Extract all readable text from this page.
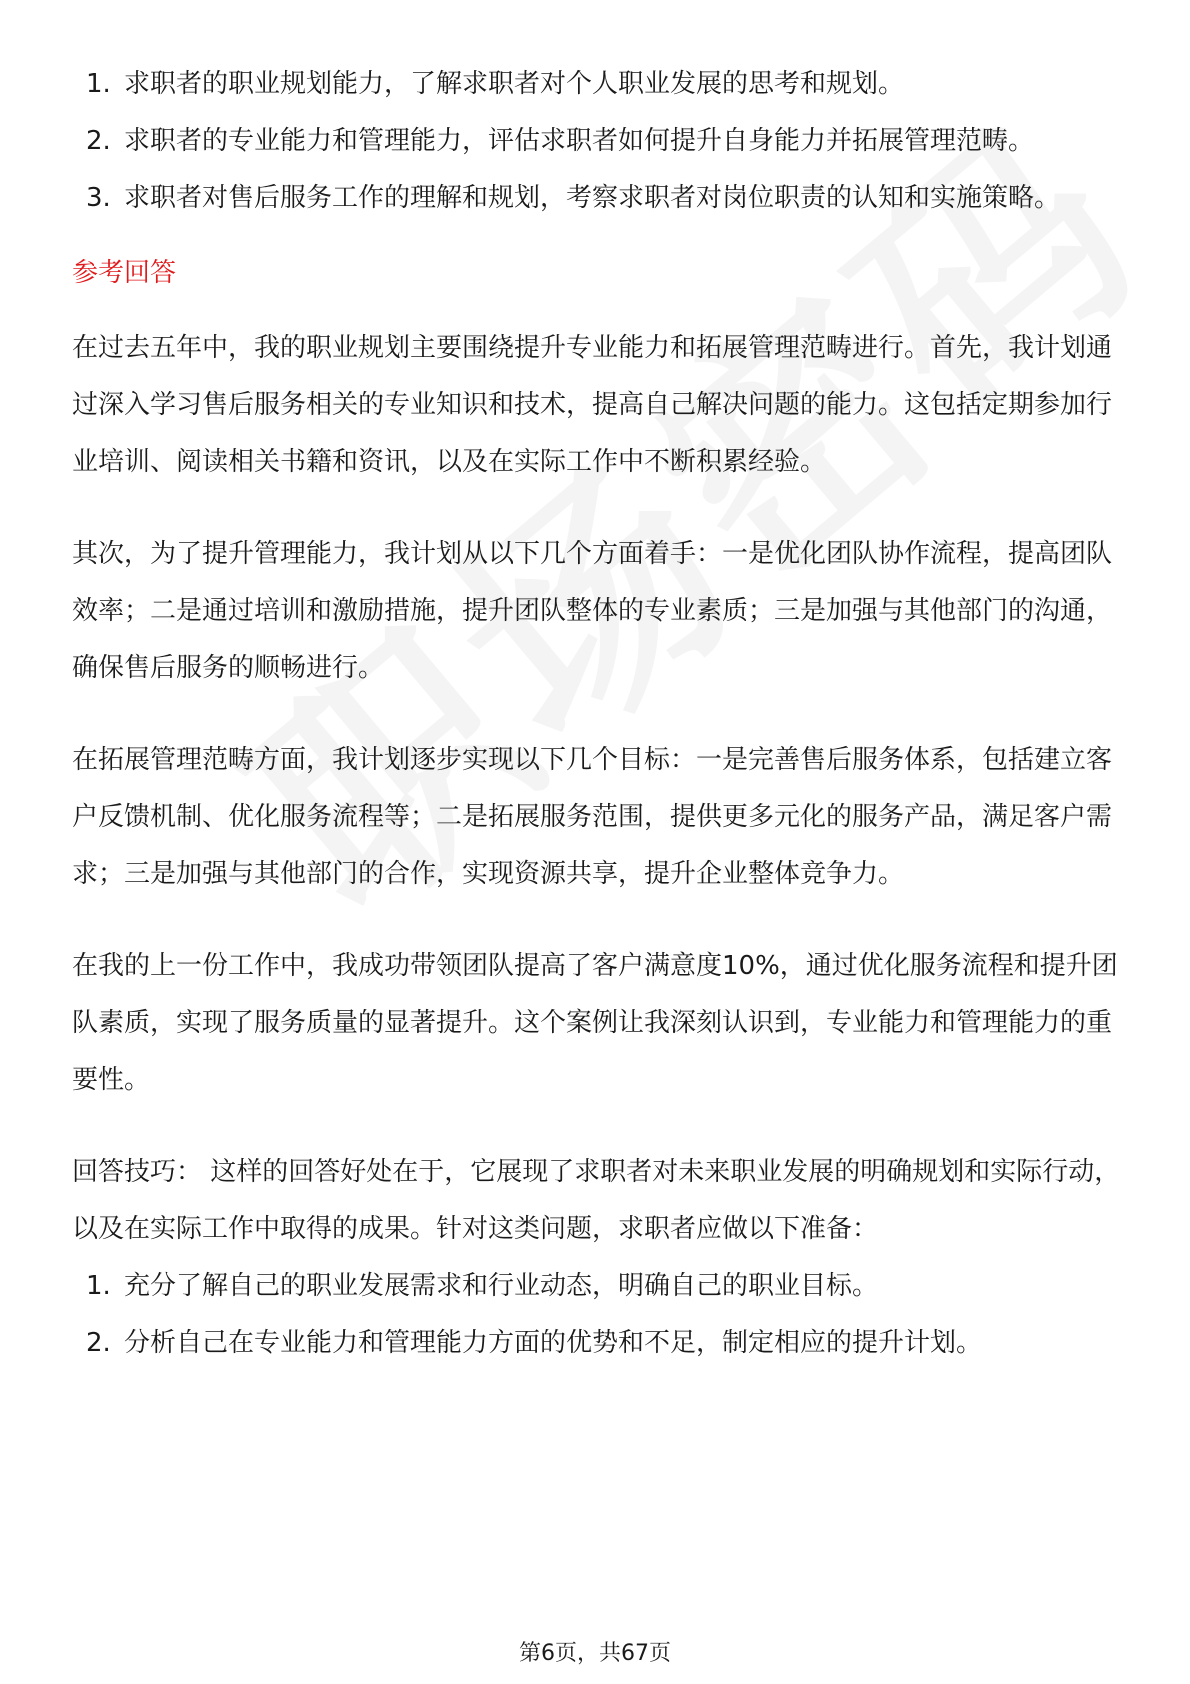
1. 求职者的职业规划能力，了解求职者对个人职业发展的思考和规划。
2. 求职者的专业能力和管理能力，评估求职者如何提升自身能力并拓展管理范畴。
3. 求职者对售后服务工作的理解和规划，考察求职者对岗位职责的认知和实施策略。
参考回答

在过去五年中，我的职业规划主要围绕提升专业能力和拓展管理范畴进行。首先，我计划通过深入学习售后服务相关的专业知识和技术，提高自己解决问题的能力。这包括定期参加行业培训、阅读相关书籍和资讯，以及在实际工作中不断积累经验。

其次，为了提升管理能力，我计划从以下几个方面着手：一是优化团队协作流程，提高团队效率；二是通过培训和激励措施，提升团队整体的专业素质；三是加强与其他部门的沟通，确保售后服务的顺畅进行。

在拓展管理范畴方面，我计划逐步实现以下几个目标：一是完善售后服务体系，包括建立客户反馈机制、优化服务流程等；二是拓展服务范围，提供更多元化的服务产品，满足客户需求；三是加强与其他部门的合作，实现资源共享，提升企业整体竞争力。

在我的上一份工作中，我成功带领团队提高了客户满意度10%，通过优化服务流程和提升团队素质，实现了服务质量的显著提升。这个案例让我深刻认识到，专业能力和管理能力的重要性。

回答技巧： 这样的回答好处在于，它展现了求职者对未来职业发展的明确规划和实际行动，以及在实际工作中取得的成果。针对这类问题，求职者应做以下准备：

1. 充分了解自己的职业发展需求和行业动态，明确自己的职业目标。
2. 分析自己在专业能力和管理能力方面的优势和不足，制定相应的提升计划。
第6页，共67页
